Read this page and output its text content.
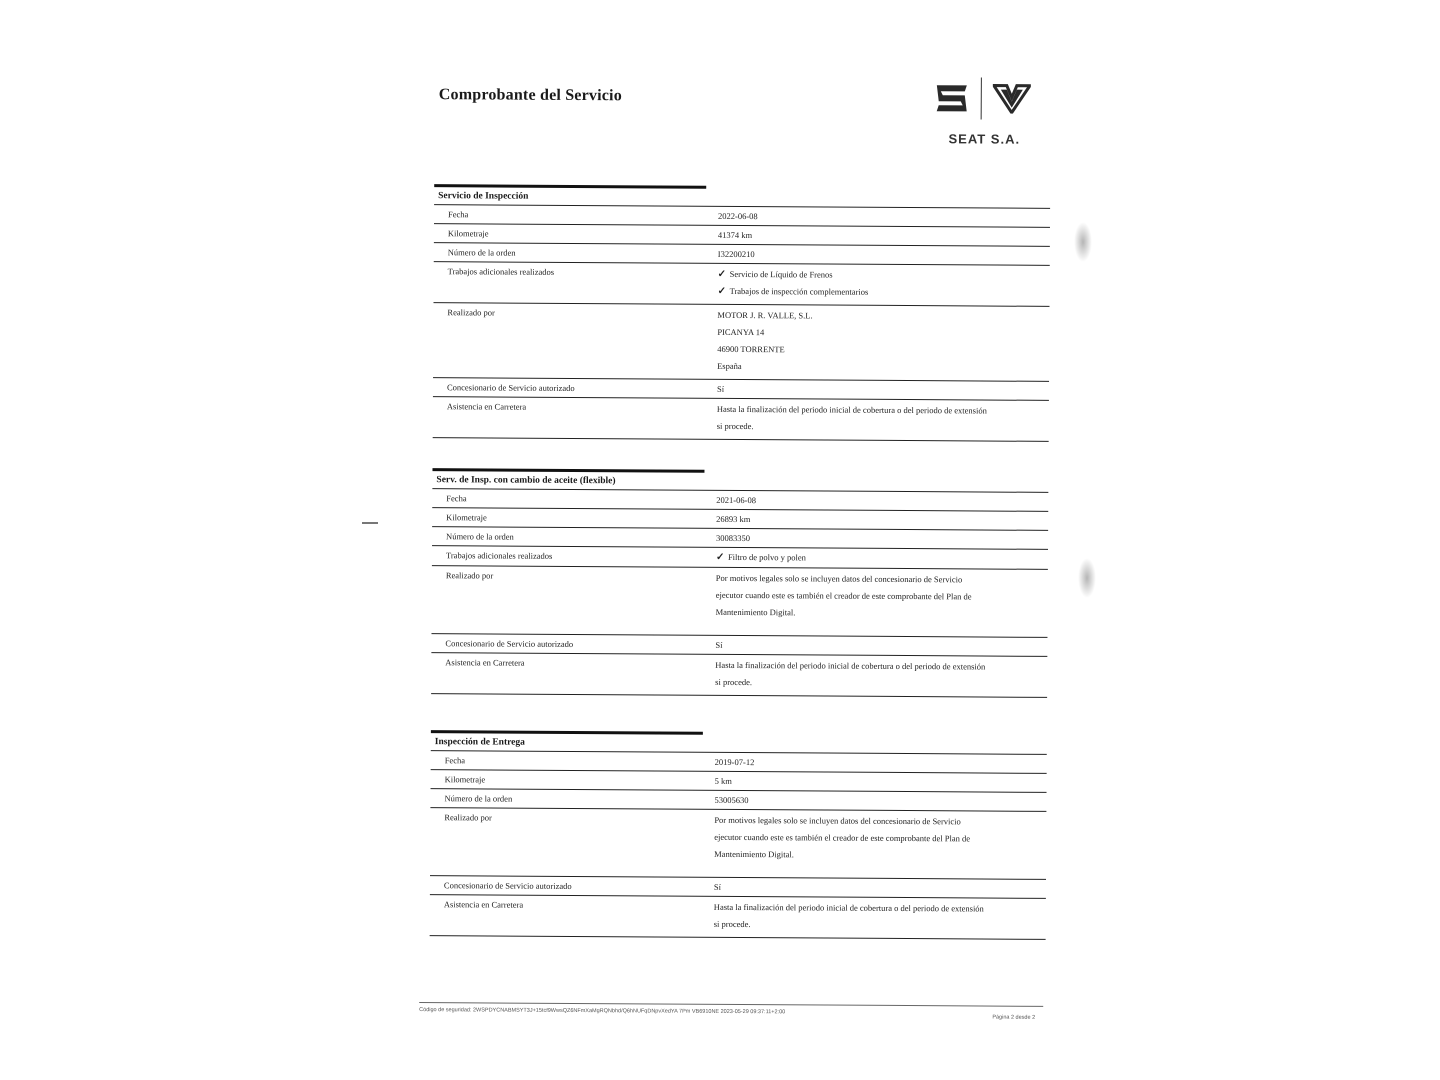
Comprobante del Servicio
SEAT S.A.
Servicio de Inspección
Fecha	2022-06-08
Kilometraje	41374 km
Número de la orden	I32200210
Trabajos adicionales realizados	✓ Servicio de Líquido de Frenos
✓ Trabajos de inspección complementarios
Realizado por	MOTOR J. R. VALLE, S.L.
PICANYA 14
46900 TORRENTE
España
Concesionario de Servicio autorizado	Sí
Asistencia en Carretera	Hasta la finalización del periodo inicial de cobertura o del periodo de extensión
si procede.
Serv. de Insp. con cambio de aceite (flexible)
Fecha	2021-06-08
Kilometraje	26893 km
Número de la orden	30083350
Trabajos adicionales realizados	✓ Filtro de polvo y polen
Realizado por	Por motivos legales solo se incluyen datos del concesionario de Servicio
ejecutor cuando este es también el creador de este comprobante del Plan de
Mantenimiento Digital.
Concesionario de Servicio autorizado	Sí
Asistencia en Carretera	Hasta la finalización del periodo inicial de cobertura o del periodo de extensión
si procede.
Inspección de Entrega
Fecha	2019-07-12
Kilometraje	5 km
Número de la orden	53005630
Realizado por	Por motivos legales solo se incluyen datos del concesionario de Servicio
ejecutor cuando este es también el creador de este comprobante del Plan de
Mantenimiento Digital.
Concesionario de Servicio autorizado	Sí
Asistencia en Carretera	Hasta la finalización del periodo inicial de cobertura o del periodo de extensión
si procede.
Código de seguridad: 2WSPDYCNABMSYT3J+15tcf9WwsQZ6NFmXaMgRQNbhd/Q6hNUFqDNpvXedYA 7Pm VB6910NE 2023-05-29 09:37:11+2:00
Página 2 desde 2
